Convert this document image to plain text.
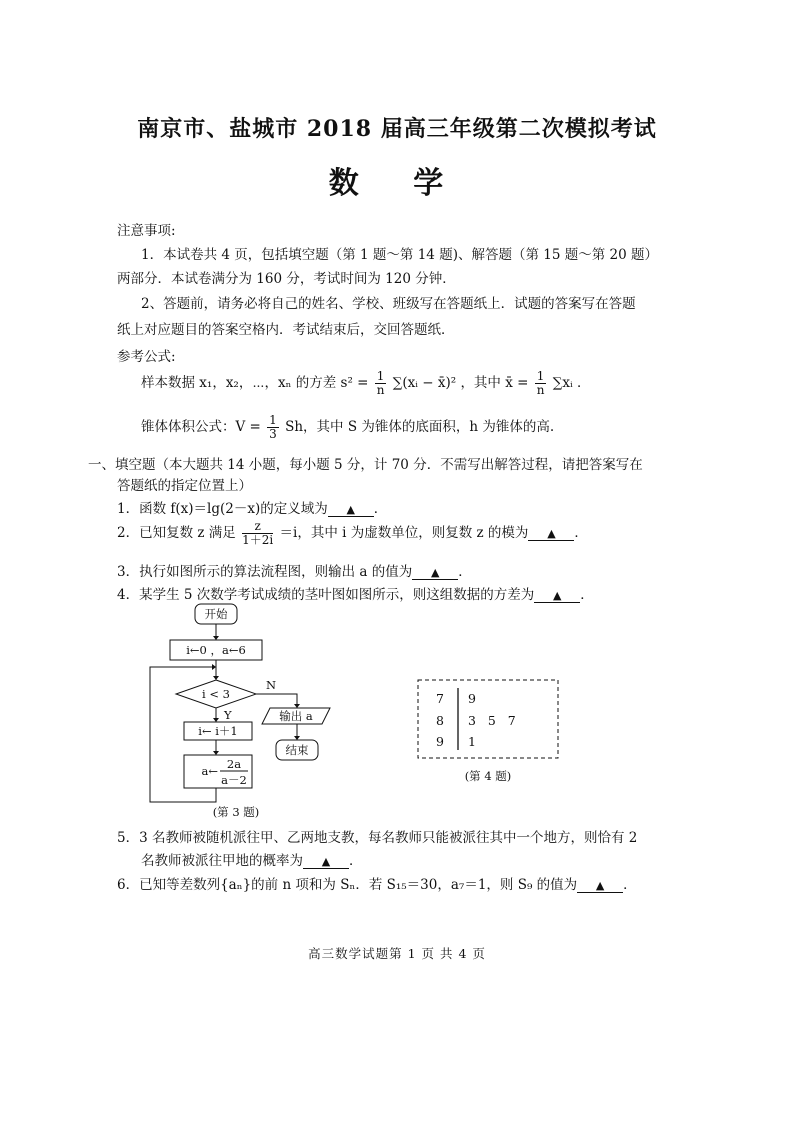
南京市、盐城市 2018 届高三年级第二次模拟考试
数 学
注意事项:
1．本试卷共 4 页，包括填空题（第 1 题～第 14 题)、解答题（第 15 题～第 20 题）
两部分．本试卷满分为 160 分，考试时间为 120 分钟．
2、答题前，请务必将自己的姓名、学校、班级写在答题纸上．试题的答案写在答题
纸上对应题目的答案空格内．考试结束后，交回答题纸．
参考公式:
样本数据 x₁，x₂，⋯，xₙ 的方差 $s^2 = \frac{1}{n}$ ∑(xᵢ − x̄)² ，其中 x̄ = $\frac{1}{n}$ ∑xᵢ ．
锥体体积公式：$V = \frac{1}{3}$ Sh，其中 S 为锥体的底面积，h 为锥体的高.
一、填空题（本大题共 14 小题，每小题 5 分，计 70 分．不需写出解答过程，请把答案写在
答题纸的指定位置上）
1．函数 f(x)＝lg(2－x)的定义域为 ▲ ．
2．已知复数 z 满足 $\frac{z}{1+2i} =i$，其中 i 为虚数单位，则复数 z 的模为 ▲ ．
3．执行如图所示的算法流程图，则输出 a 的值为 ▲ ．
4．某学生 5 次数学考试成绩的茎叶图如图所示，则这组数据的方差为 ▲ ．
开始
i←0 ，a←6
i < 3
Y
N
i← i＋1
a← 2a
a－2
输出 a
结束
(第 3 题)
7 9
8 3   5   7
9 1
(第 4 题)
5．3 名教师被随机派往甲、乙两地支教，每名教师只能被派往其中一个地方，则恰有 2
名教师被派往甲地的概率为 ▲ ．
6．已知等差数列{aₙ}的前 n 项和为 Sₙ．若 S₁₅＝30，a₇＝1，则 S₉ 的值为 ▲ ．
高三数学试题第 1 页 共 4 页
